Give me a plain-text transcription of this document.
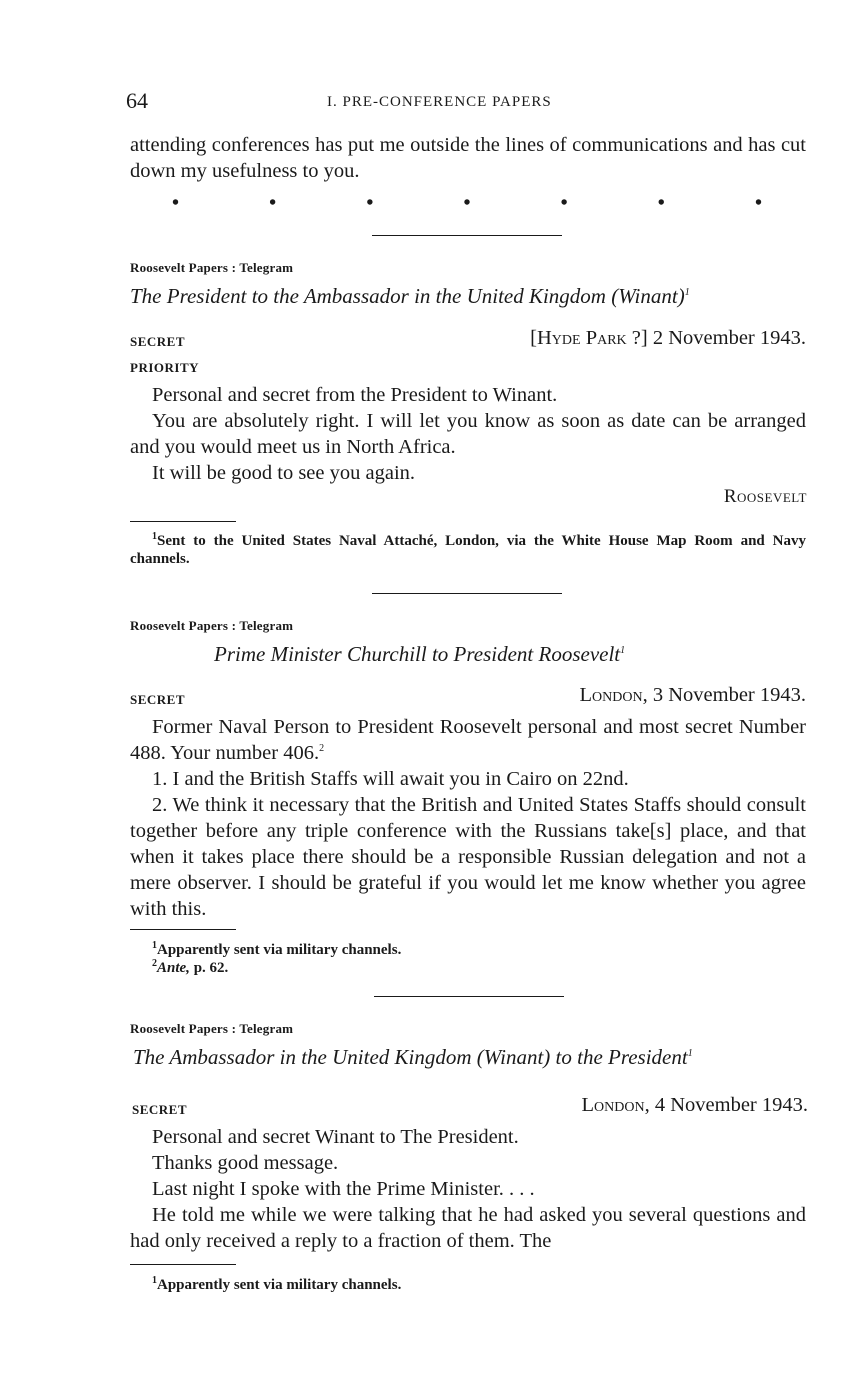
64	I. PRE-CONFERENCE PAPERS
attending conferences has put me outside the lines of communications and has cut down my usefulness to you.
•	•	•	•	•	•	•
Roosevelt Papers : Telegram
The President to the Ambassador in the United Kingdom (Winant)$^1$
SECRET
PRIORITY
[Hyde Park ?] 2 November 1943.
Personal and secret from the President to Winant.
You are absolutely right. I will let you know as soon as date can be arranged and you would meet us in North Africa.
It will be good to see you again.
Roosevelt
$^1$Sent to the United States Naval Attaché, London, via the White House Map Room and Navy channels.
Roosevelt Papers : Telegram
Prime Minister Churchill to President Roosevelt$^1$
SECRET	London, 3 November 1943.
Former Naval Person to President Roosevelt personal and most secret Number 488. Your number 406.$^2$
1. I and the British Staffs will await you in Cairo on 22nd.
2. We think it necessary that the British and United States Staffs should consult together before any triple conference with the Russians take[s] place, and that when it takes place there should be a responsible Russian delegation and not a mere observer. I should be grateful if you would let me know whether you agree with this.
$^1$Apparently sent via military channels.
$^2$Ante, p. 62.
Roosevelt Papers : Telegram
The Ambassador in the United Kingdom (Winant) to the President$^1$
SECRET	London, 4 November 1943.
Personal and secret Winant to The President.
Thanks good message.
Last night I spoke with the Prime Minister. . . .
He told me while we were talking that he had asked you several questions and had only received a reply to a fraction of them. The
$^1$Apparently sent via military channels.
